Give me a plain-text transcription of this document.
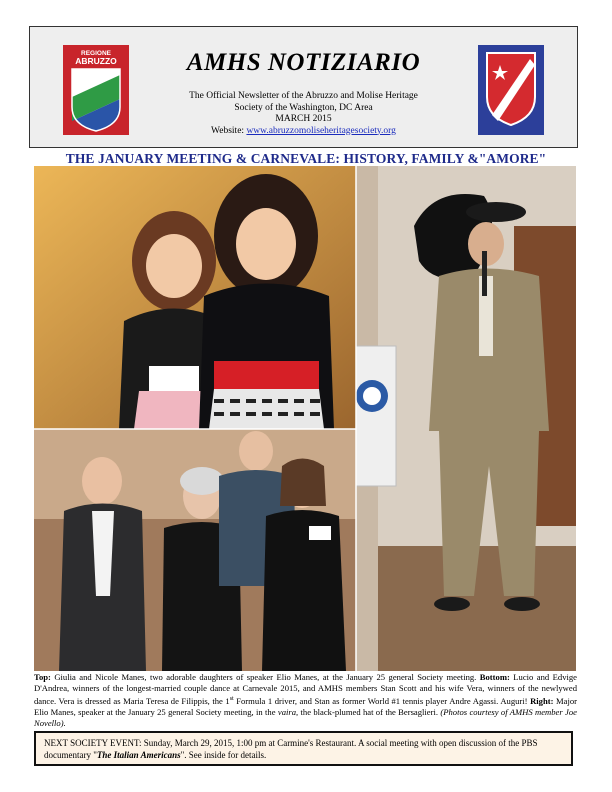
REGIONE
ABRUZZO	AMHS NOTIZIARIO
The Official Newsletter of the Abruzzo and Molise Heritage
Society of the Washington, DC Area
MARCH 2015
Website: www.abruzzomoliseheritagesociety.org
THE JANUARY MEETING & CARNEVALE: HISTORY, FAMILY &"AMORE"
Top: Giulia and Nicole Manes, two adorable daughters of speaker Elio Manes, at the January 25 general Society meeting. Bottom: Lucio and Edvige D'Andrea, winners of the longest-married couple dance at Carnevale 2015, and AMHS members Stan Scott and his wife Vera, winners of the newlywed dance. Vera is dressed as Maria Teresa de Filippis, the 1st Formula 1 driver, and Stan as former World #1 tennis player Andre Agassi. Auguri! Right: Major Elio Manes, speaker at the January 25 general Society meeting, in the vaira, the black-plumed hat of the Bersaglieri. (Photos courtesy of AMHS member Joe Novello).
NEXT SOCIETY EVENT: Sunday, March 29, 2015, 1:00 pm at Carmine's Restaurant. A social meeting with open discussion of the PBS documentary "The Italian Americans". See inside for details.
